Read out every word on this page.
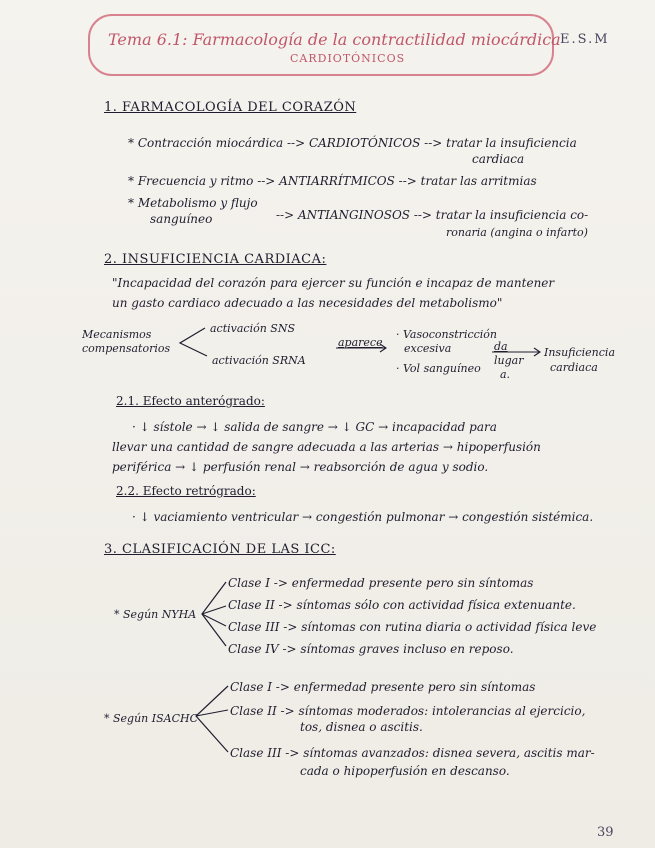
Tema 6.1: Farmacología de la contractilidad miocárdica
CARDIOTÓNICOS
E.S.M
1. FARMACOLOGÍA DEL CORAZÓN
* Contracción miocárdica --> CARDIOTÓNICOS --> tratar la insuficiencia
cardiaca
* Frecuencia y ritmo --> ANTIARRÍTMICOS --> tratar las arritmias
* Metabolismo y flujo
sanguíneo	--> ANTIANGINOSOS --> tratar la insuficiencia co-
ronaria (angina o infarto)
2. INSUFICIENCIA CARDIACA:
"Incapacidad del corazón para ejercer su función e incapaz de mantener
un gasto cardiaco adecuado a las necesidades del metabolismo"
Mecanismos
compensatorios
activación SNS
activación SRNA
aparece
· Vasoconstricción
excesiva
· Vol sanguíneo
da
lugar
a.
Insuficiencia
cardiaca
2.1. Efecto anterógrado:
· ↓ sístole → ↓ salida de sangre → ↓ GC → incapacidad para
llevar una cantidad de sangre adecuada a las arterias → hipoperfusión
periférica → ↓ perfusión renal → reabsorción de agua y sodio.
2.2. Efecto retrógrado:
· ↓ vaciamiento ventricular → congestión pulmonar → congestión sistémica.
3. CLASIFICACIÓN DE LAS ICC:
* Según NYHA
Clase I -> enfermedad presente pero sin síntomas
Clase II -> síntomas sólo con actividad física extenuante.
Clase III -> síntomas con rutina diaria o actividad física leve
Clase IV -> síntomas graves incluso en reposo.
* Según ISACHC
Clase I -> enfermedad presente pero sin síntomas
Clase II -> síntomas moderados: intolerancias al ejercicio,
tos, disnea o ascitis.
Clase III -> síntomas avanzados: disnea severa, ascitis mar-
cada o hipoperfusión en descanso.
39
